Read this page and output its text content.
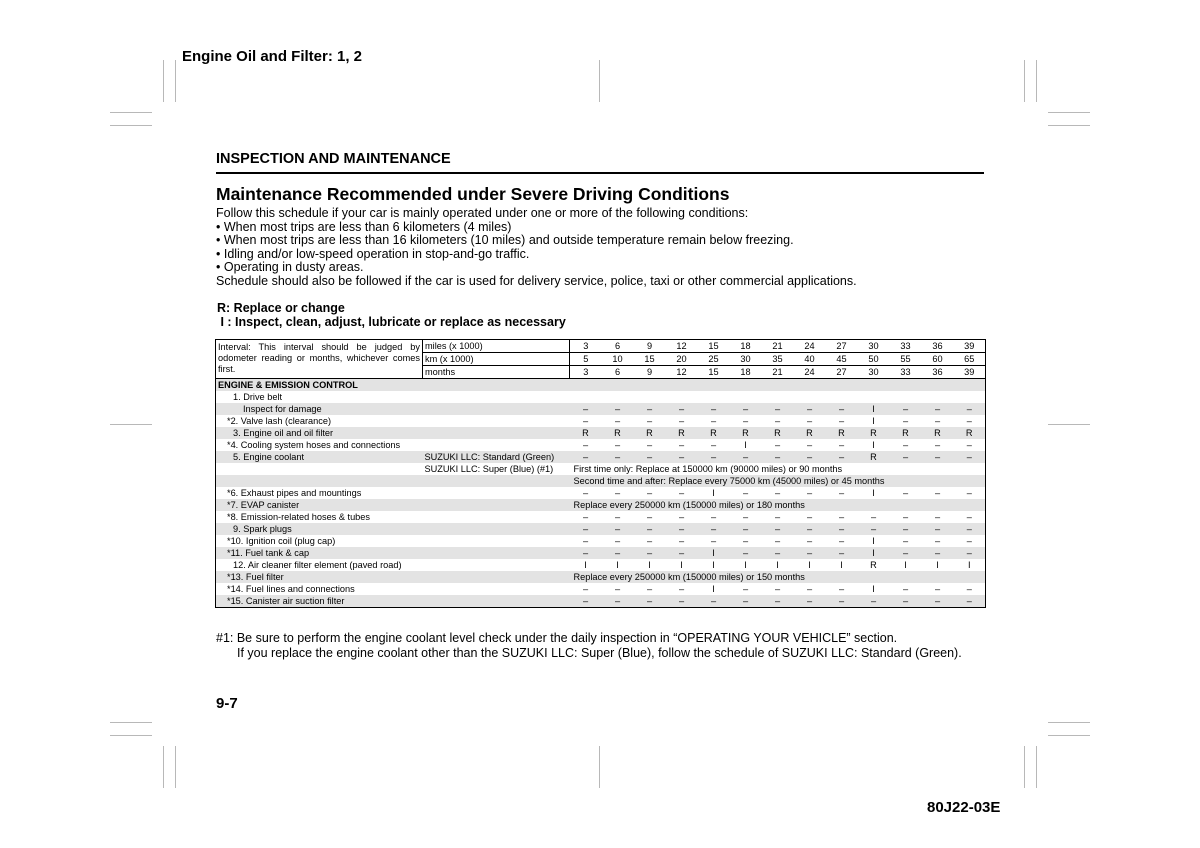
Engine Oil and Filter: 1, 2
INSPECTION AND MAINTENANCE
Maintenance Recommended under Severe Driving Conditions
Follow this schedule if your car is mainly operated under one or more of the following conditions:
• When most trips are less than 6 kilometers (4 miles)
• When most trips are less than 16 kilometers (10 miles) and outside temperature remain below freezing.
• Idling and/or low-speed operation in stop-and-go traffic.
• Operating in dusty areas.
Schedule should also be followed if the car is used for delivery service, police, taxi or other commercial applications.
R: Replace or change
I : Inspect, clean, adjust, lubricate or replace as necessary
Interval: This interval should be judged by odometer reading or months, whichever comes first.	miles (x 1000)	3	6	9	12	15	18	21	24	27	30	33	36	39
	km (x 1000)	5	10	15	20	25	30	35	40	45	50	55	60	65
	months	3	6	9	12	15	18	21	24	27	30	33	36	39
ENGINE & EMISSION CONTROL														
1. Drive belt														
Inspect for damage		–	–	–	–	–	–	–	–	–	I	–	–	–
*2. Valve lash (clearance)		–	–	–	–	–	–	–	–	–	I	–	–	–
3. Engine oil and oil filter		R	R	R	R	R	R	R	R	R	R	R	R	R
*4. Cooling system hoses and connections		–	–	–	–	–	I	–	–	–	I	–	–	–
5. Engine coolant	SUZUKI LLC: Standard (Green)	–	–	–	–	–	–	–	–	–	R	–	–	–
	SUZUKI LLC: Super (Blue) (#1)	First time only: Replace at 150000 km (90000 miles) or 90 months												
		Second time and after: Replace every 75000 km (45000 miles) or 45 months												
*6. Exhaust pipes and mountings		–	–	–	–	I	–	–	–	–	I	–	–	–
*7. EVAP canister		Replace every 250000 km (150000 miles) or 180 months												
*8. Emission-related hoses & tubes		–	–	–	–	–	–	–	–	–	–	–	–	–
9. Spark plugs		–	–	–	–	–	–	–	–	–	–	–	–	–
*10. Ignition coil (plug cap)		–	–	–	–	–	–	–	–	–	I	–	–	–
*11. Fuel tank & cap		–	–	–	–	I	–	–	–	–	I	–	–	–
12. Air cleaner filter element (paved road)		I	I	I	I	I	I	I	I	I	R	I	I	I
*13. Fuel filter		Replace every 250000 km (150000 miles) or 150 months												
*14. Fuel lines and connections		–	–	–	–	I	–	–	–	–	I	–	–	–
*15. Canister air suction filter		–	–	–	–	–	–	–	–	–	–	–	–	–
#1: Be sure to perform the engine coolant level check under the daily inspection in “OPERATING YOUR VEHICLE” section.
If you replace the engine coolant other than the SUZUKI LLC: Super (Blue), follow the schedule of SUZUKI LLC: Standard (Green).
9-7
80J22-03E
